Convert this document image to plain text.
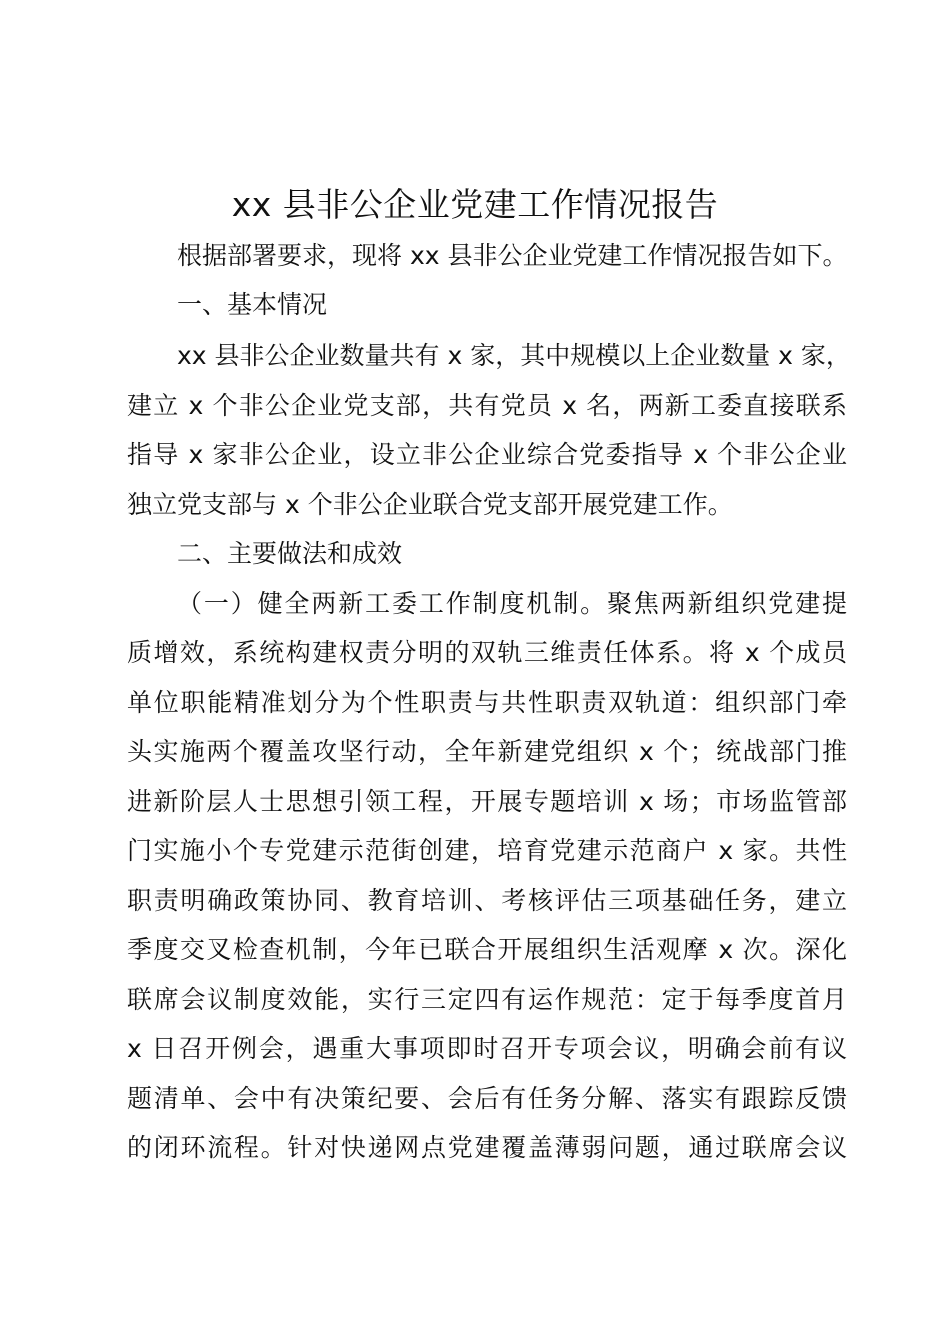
xx 县非公企业党建工作情况报告
根据部署要求，现将 xx 县非公企业党建工作情况报告如下。
一、基本情况
xx 县非公企业数量共有 x 家，其中规模以上企业数量 x 家，
建立 x 个非公企业党支部，共有党员 x 名，两新工委直接联系
指导 x 家非公企业，设立非公企业综合党委指导 x 个非公企业
独立党支部与 x 个非公企业联合党支部开展党建工作。
二、主要做法和成效
（一）健全两新工委工作制度机制。聚焦两新组织党建提
质增效，系统构建权责分明的双轨三维责任体系。将 x 个成员
单位职能精准划分为个性职责与共性职责双轨道：组织部门牵
头实施两个覆盖攻坚行动，全年新建党组织 x 个；统战部门推
进新阶层人士思想引领工程，开展专题培训 x 场；市场监管部
门实施小个专党建示范街创建，培育党建示范商户 x 家。共性
职责明确政策协同、教育培训、考核评估三项基础任务，建立
季度交叉检查机制，今年已联合开展组织生活观摩 x 次。深化
联席会议制度效能，实行三定四有运作规范：定于每季度首月
x 日召开例会，遇重大事项即时召开专项会议，明确会前有议
题清单、会中有决策纪要、会后有任务分解、落实有跟踪反馈
的闭环流程。针对快递网点党建覆盖薄弱问题，通过联席会议
